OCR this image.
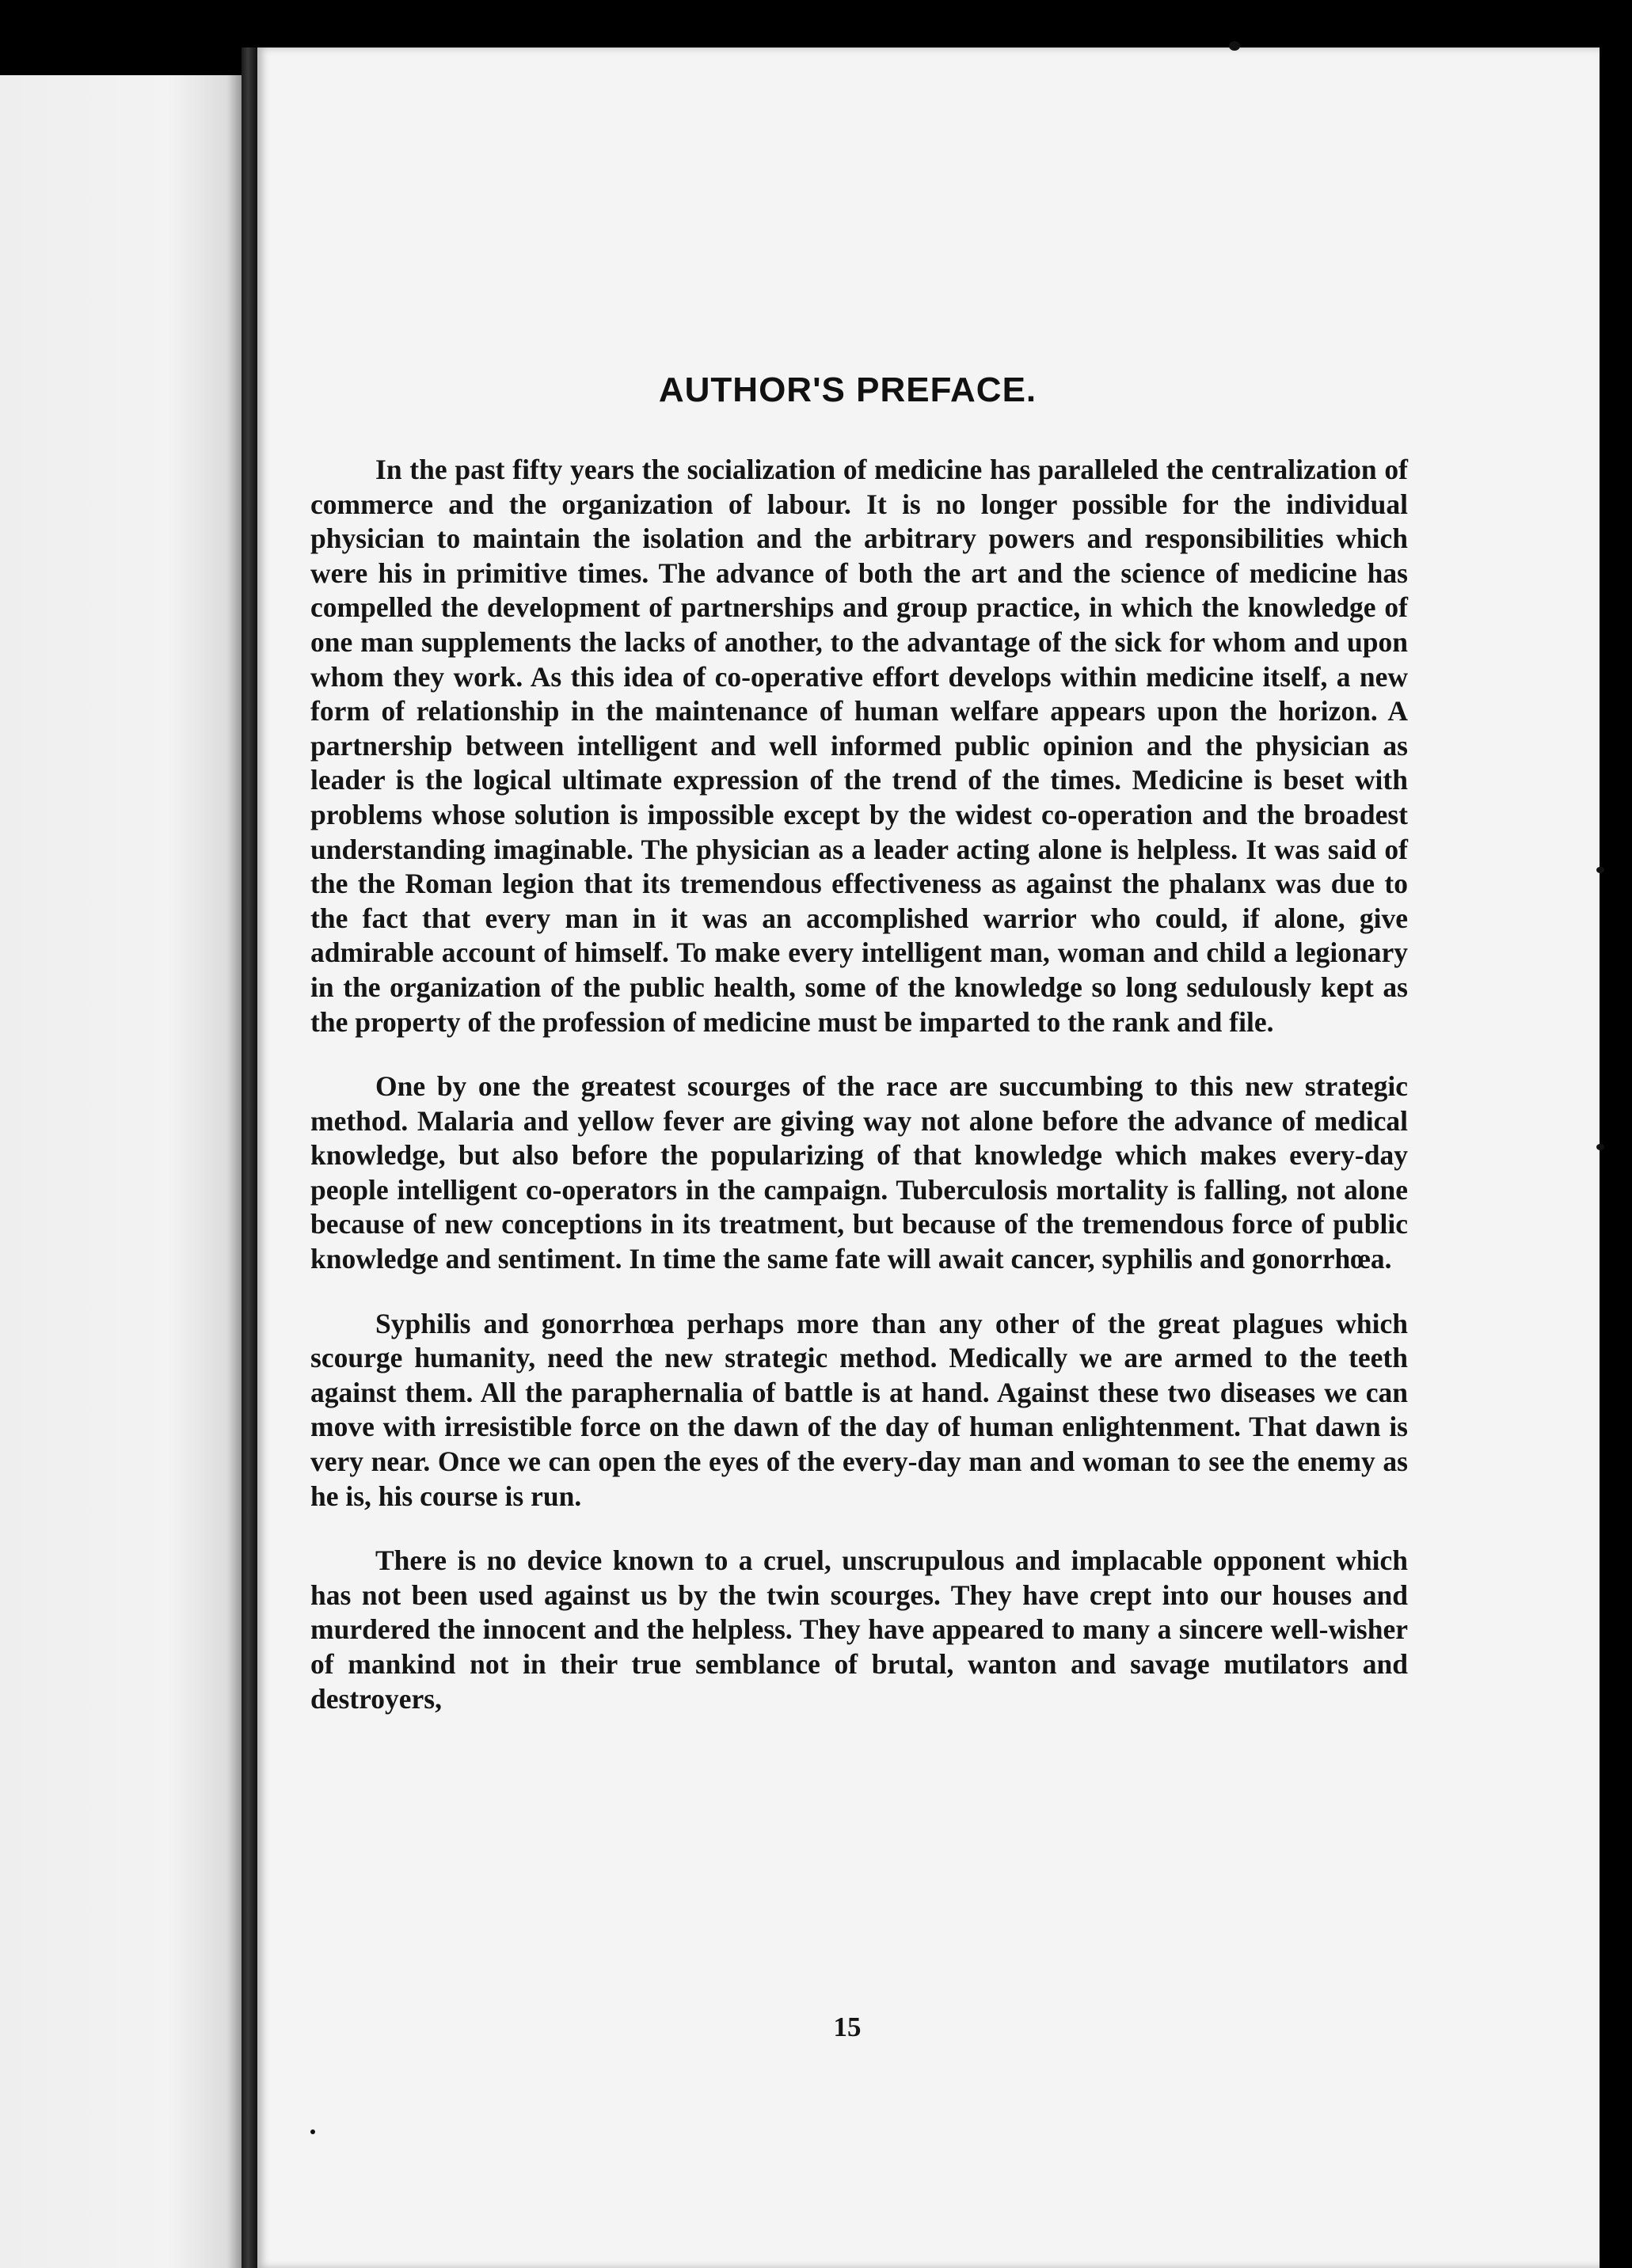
AUTHOR'S PREFACE.

In the past fifty years the socialization of medicine has paralleled the centralization of commerce and the organization of labour. It is no longer possible for the individual physician to maintain the isolation and the arbitrary powers and responsibilities which were his in primitive times. The advance of both the art and the science of medicine has compelled the development of partnerships and group practice, in which the knowledge of one man supplements the lacks of another, to the advantage of the sick for whom and upon whom they work. As this idea of co-operative effort develops within medicine itself, a new form of relationship in the maintenance of human welfare appears upon the horizon. A partnership between intelligent and well informed public opinion and the physician as leader is the logical ultimate expression of the trend of the times. Medicine is beset with problems whose solution is impossible except by the widest co-operation and the broadest understanding imaginable. The physician as a leader acting alone is helpless. It was said of the the Roman legion that its tremendous effectiveness as against the phalanx was due to the fact that every man in it was an accomplished warrior who could, if alone, give admirable account of himself. To make every intelligent man, woman and child a legionary in the organization of the public health, some of the knowledge so long sedulously kept as the property of the profession of medicine must be imparted to the rank and file.

One by one the greatest scourges of the race are succumbing to this new strategic method. Malaria and yellow fever are giving way not alone before the advance of medical knowledge, but also before the popularizing of that knowledge which makes every-day people intelligent co-operators in the campaign. Tuberculosis mortality is falling, not alone because of new conceptions in its treatment, but because of the tremendous force of public knowledge and sentiment. In time the same fate will await cancer, syphilis and gonorrhœa.

Syphilis and gonorrhœa perhaps more than any other of the great plagues which scourge humanity, need the new strategic method. Medically we are armed to the teeth against them. All the paraphernalia of battle is at hand. Against these two diseases we can move with irresistible force on the dawn of the day of human enlightenment. That dawn is very near. Once we can open the eyes of the every-day man and woman to see the enemy as he is, his course is run.

There is no device known to a cruel, unscrupulous and implacable opponent which has not been used against us by the twin scourges. They have crept into our houses and murdered the innocent and the helpless. They have appeared to many a sincere well-wisher of mankind not in their true semblance of brutal, wanton and savage mutilators and destroyers,

15
